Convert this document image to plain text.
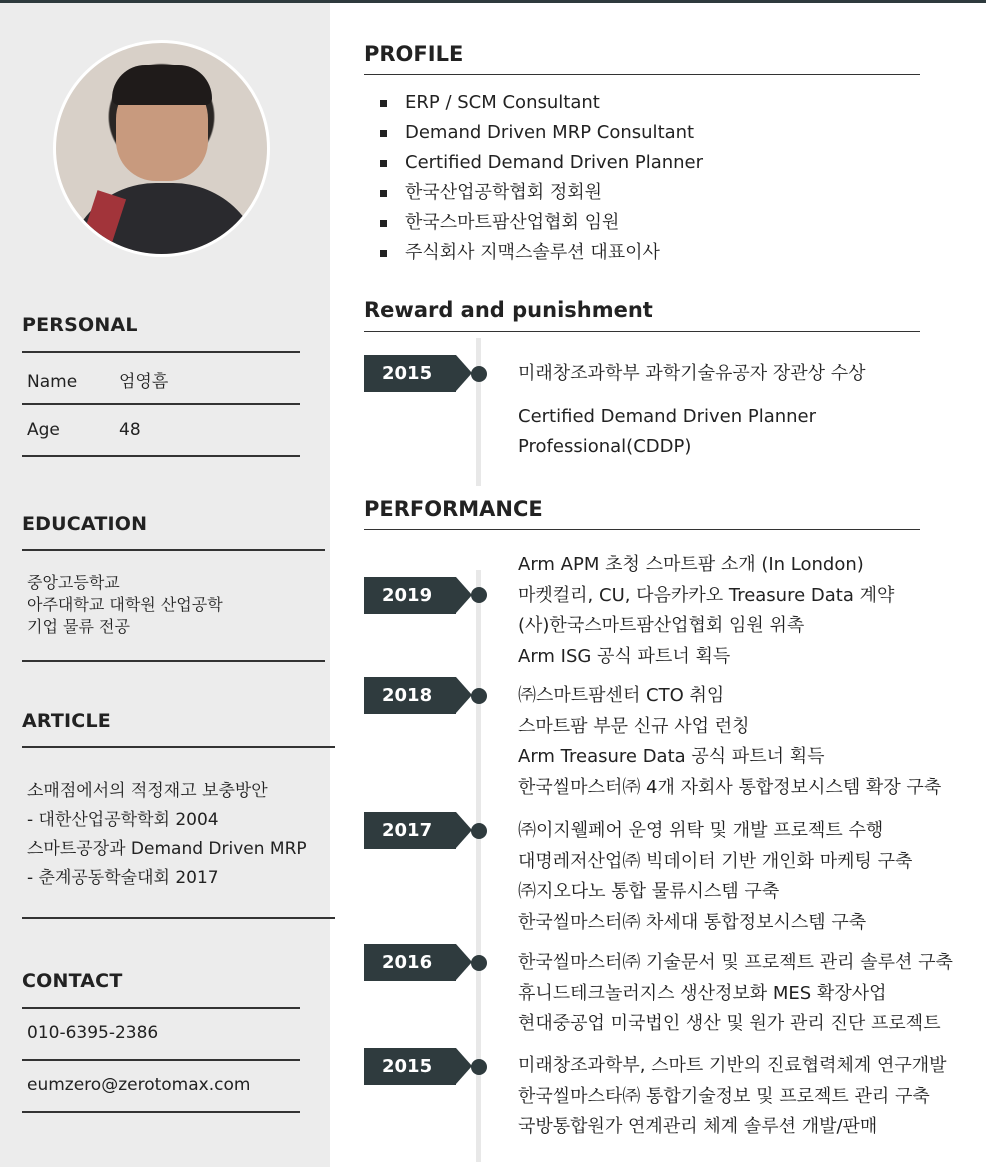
PERSONAL
Name 엄영흠
Age	48
EDUCATION
중앙고등학교
아주대학교 대학원 산업공학
기업 물류 전공
ARTICLE
소매점에서의 적정재고 보충방안
- 대한산업공학학회 2004
스마트공장과 Demand Driven MRP
- 춘계공동학술대회 2017
CONTACT
010-6395-2386
eumzero@zerotomax.com
PROFILE
ERP / SCM Consultant
Demand Driven MRP Consultant
Certified Demand Driven Planner
한국산업공학협회 정회원
한국스마트팜산업협회 임원
주식회사 지맥스솔루션 대표이사
Reward and punishment
2015	미래창조과학부 과학기술유공자 장관상 수상
Certified Demand Driven Planner
Professional(CDDP)
PERFORMANCE
2019
Arm APM 초청 스마트팜 소개 (In London)
마켓컬리, CU, 다음카카오 Treasure Data 계약
(사)한국스마트팜산업협회 임원 위촉
Arm ISG 공식 파트너 획득
2018	㈜스마트팜센터 CTO 취임
스마트팜 부문 신규 사업 런칭
Arm Treasure Data 공식 파트너 획득
한국씰마스터㈜ 4개 자회사 통합정보시스템 확장 구축
2017	㈜이지웰페어 운영 위탁 및 개발 프로젝트 수행
대명레저산업㈜ 빅데이터 기반 개인화 마케팅 구축
㈜지오다노 통합 물류시스템 구축
한국씰마스터㈜ 차세대 통합정보시스템 구축
2016	한국씰마스터㈜ 기술문서 및 프로젝트 관리 솔루션 구축
휴니드테크놀러지스 생산정보화 MES 확장사업
현대중공업 미국법인 생산 및 원가 관리 진단 프로젝트
2015	미래창조과학부, 스마트 기반의 진료협력체계 연구개발
한국씰마스타㈜ 통합기술정보 및 프로젝트 관리 구축
국방통합원가 연계관리 체계 솔루션 개발/판매
